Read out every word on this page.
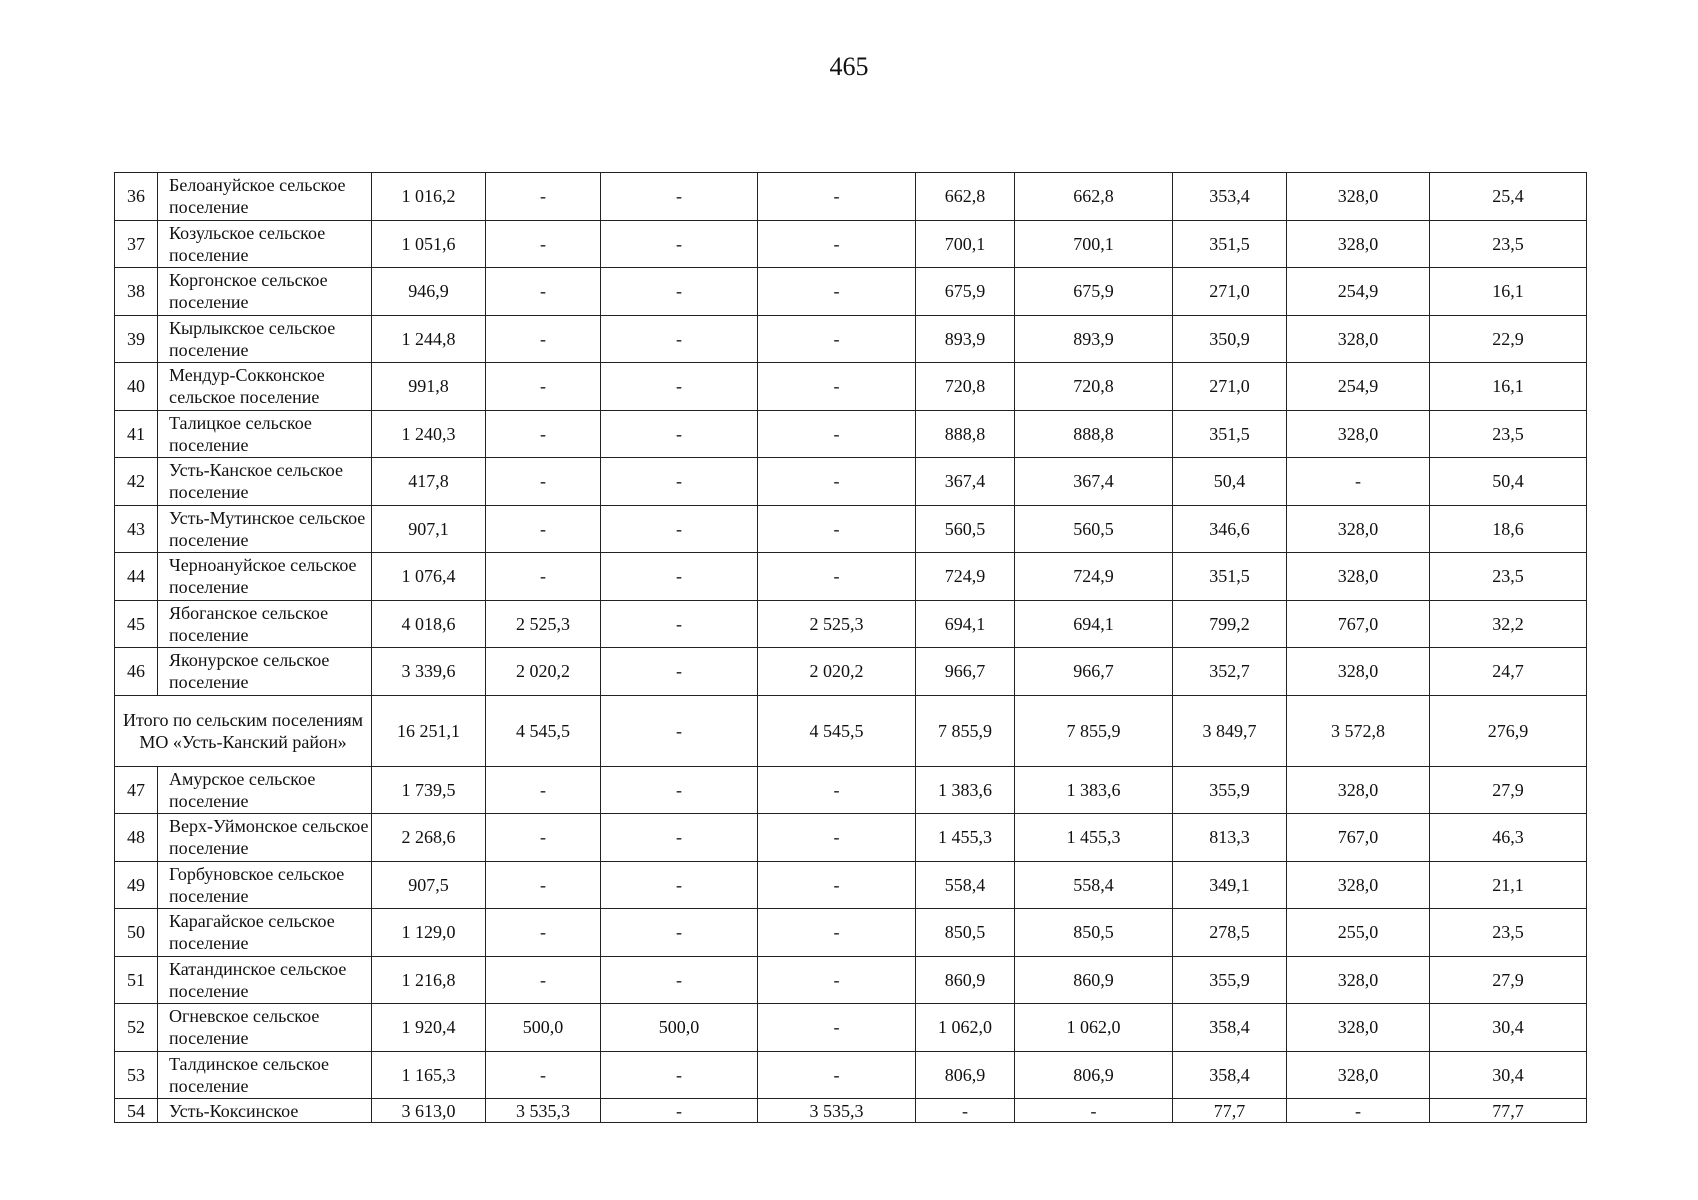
465
36	Белоануйское сельское поселение	1 016,2	-	-	-	662,8	662,8	353,4	328,0	25,4
37	Козульское сельское поселение	1 051,6	-	-	-	700,1	700,1	351,5	328,0	23,5
38	Коргонское сельское поселение	946,9	-	-	-	675,9	675,9	271,0	254,9	16,1
39	Кырлыкское сельское поселение	1 244,8	-	-	-	893,9	893,9	350,9	328,0	22,9
40	Мендур-Сокконское сельское поселение	991,8	-	-	-	720,8	720,8	271,0	254,9	16,1
41	Талицкое сельское поселение	1 240,3	-	-	-	888,8	888,8	351,5	328,0	23,5
42	Усть-Канское сельское поселение	417,8	-	-	-	367,4	367,4	50,4	-	50,4
43	Усть-Мутинское сельское поселение	907,1	-	-	-	560,5	560,5	346,6	328,0	18,6
44	Черноануйское сельское поселение	1 076,4	-	-	-	724,9	724,9	351,5	328,0	23,5
45	Ябоганское сельское поселение	4 018,6	2 525,3	-	2 525,3	694,1	694,1	799,2	767,0	32,2
46	Яконурское сельское поселение	3 339,6	2 020,2	-	2 020,2	966,7	966,7	352,7	328,0	24,7
Итого по сельским поселениям МО «Усть-Канский район»		16 251,1	4 545,5	-	4 545,5	7 855,9	7 855,9	3 849,7	3 572,8	276,9
47	Амурское сельское поселение	1 739,5	-	-	-	1 383,6	1 383,6	355,9	328,0	27,9
48	Верх-Уймонское сельское поселение	2 268,6	-	-	-	1 455,3	1 455,3	813,3	767,0	46,3
49	Горбуновское сельское поселение	907,5	-	-	-	558,4	558,4	349,1	328,0	21,1
50	Карагайское сельское поселение	1 129,0	-	-	-	850,5	850,5	278,5	255,0	23,5
51	Катандинское сельское поселение	1 216,8	-	-	-	860,9	860,9	355,9	328,0	27,9
52	Огневское сельское поселение	1 920,4	500,0	500,0	-	1 062,0	1 062,0	358,4	328,0	30,4
53	Талдинское сельское поселение	1 165,3	-	-	-	806,9	806,9	358,4	328,0	30,4
54	Усть-Коксинское	3 613,0	3 535,3	-	3 535,3	-	-	77,7	-	77,7
